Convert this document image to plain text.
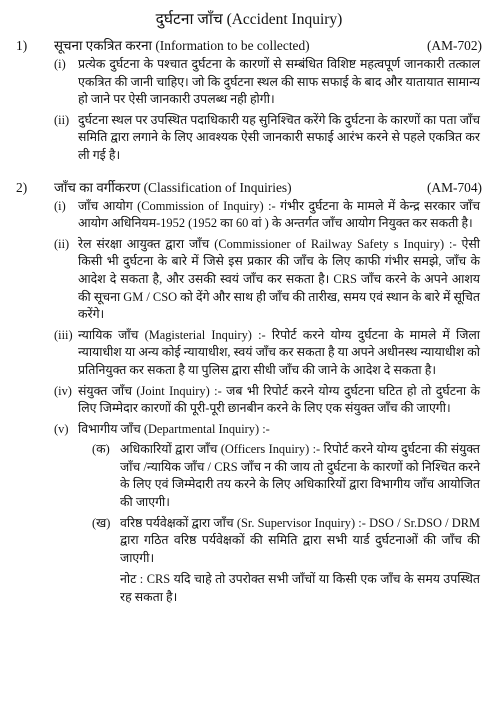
दुर्घटना जाँच (Accident Inquiry)
1)	सूचना एकत्रित करना (Information to be collected)	(AM-702)
(i) प्रत्येक दुर्घटना के पश्चात दुर्घटना के कारणों से सम्बंधित विशिष्ट महत्वपूर्ण जानकारी तत्काल एकत्रित की जानी चाहिए। जो कि दुर्घटना स्थल की साफ सफाई के बाद और यातायात सामान्य हो जाने पर ऐसी जानकारी उपलब्ध नही होगी।
(ii) दुर्घटना स्थल पर उपस्थित पदाधिकारी यह सुनिश्चित करेंगे कि दुर्घटना के कारणों का पता जाँच समिति द्वारा लगाने के लिए आवश्यक ऐसी जानकारी सफाई आरंभ करने से पहले एकत्रित कर ली गई है।
2)	जाँच का वर्गीकरण (Classification of Inquiries)	(AM-704)
(i) जाँच आयोग (Commission of Inquiry) :- गंभीर दुर्घटना के मामले में केन्द्र सरकार जाँच आयोग अधिनियम-1952 (1952 का 60 वां ) के अन्तर्गत जाँच आयोग नियुक्त कर सकती है।
(ii) रेल संरक्षा आयुक्त द्वारा जाँच (Commissioner of Railway Safety s Inquiry) :- ऐसी किसी भी दुर्घटना के बारे में जिसे इस प्रकार की जाँच के लिए काफी गंभीर समझे, जाँच के आदेश दे सकता है, और उसकी स्वयं जाँच कर सकता है। CRS जाँच करने के अपने आशय की सूचना GM / CSO को देंगे और साथ ही जाँच की तारीख, समय एवं स्थान के बारे में सूचित करेंगे।
(iii) न्यायिक जाँच (Magisterial Inquiry) :- रिपोर्ट करने योग्य दुर्घटना के मामले में जिला न्यायाधीश या अन्य कोई न्यायाधीश, स्वयं जाँच कर सकता है या अपने अधीनस्थ न्यायाधीश को प्रतिनियुक्त कर सकता है या पुलिस द्वारा सीधी जाँच की जाने के आदेश दे सकता है।
(iv) संयुक्त जाँच (Joint Inquiry) :- जब भी रिपोर्ट करने योग्य दुर्घटना घटित हो तो दुर्घटना के लिए जिम्मेदार कारणों की पूरी-पूरी छानबीन करने के लिए एक संयुक्त जाँच की जाएगी।
(v) विभागीय जाँच (Departmental Inquiry) :-
(क) अधिकारियों द्वारा जाँच (Officers Inquiry) :- रिपोर्ट करने योग्य दुर्घटना की संयुक्त जाँच /न्यायिक जाँच / CRS जाँच न की जाय तो दुर्घटना के कारणों को निश्चित करने के लिए एवं जिम्मेदारी तय करने के लिए अधिकारियों द्वारा विभागीय जाँच आयोजित की जाएगी।
(ख) वरिष्ठ पर्यवेक्षकों द्वारा जाँच (Sr. Supervisor Inquiry) :- DSO / Sr.DSO / DRM द्वारा गठित वरिष्ठ पर्यवेक्षकों की समिति द्वारा सभी यार्ड दुर्घटनाओं की जाँच की जाएगी।
नोट : CRS यदि चाहे तो उपरोक्त सभी जाँचों या किसी एक जाँच के समय उपस्थित रह सकता है।
